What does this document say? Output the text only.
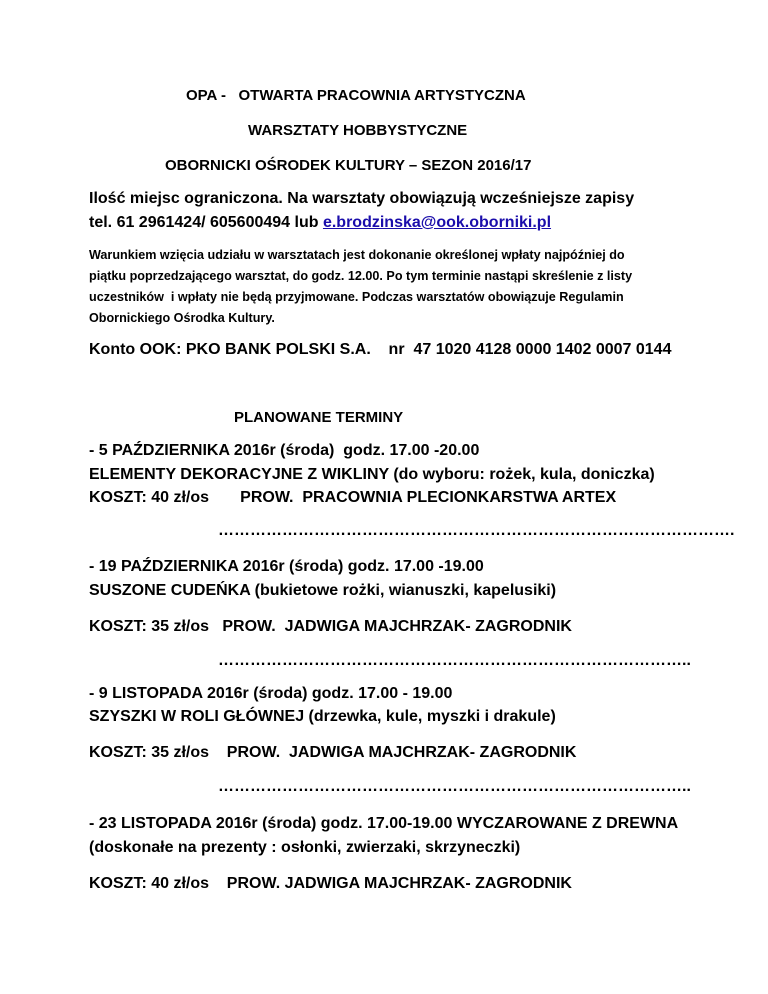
OPA -   OTWARTA PRACOWNIA ARTYSTYCZNA
WARSZTATY HOBBYSTYCZNE
OBORNICKI OŚRODEK KULTURY – SEZON 2016/17
Ilość miejsc ograniczona. Na warsztaty obowiązują wcześniejsze zapisy
tel. 61 2961424/ 605600494 lub e.brodzinska@ook.oborniki.pl
Warunkiem wzięcia udziału w warsztatach jest dokonanie określonej wpłaty najpóźniej do
piątku poprzedzającego warsztat, do godz. 12.00. Po tym terminie nastąpi skreślenie z listy
uczestników  i wpłaty nie będą przyjmowane. Podczas warsztatów obowiązuje Regulamin
Obornickiego Ośrodka Kultury.
Konto OOK: PKO BANK POLSKI S.A.    nr  47 1020 4128 0000 1402 0007 0144
PLANOWANE TERMINY
- 5 PAŹDZIERNIKA 2016r (środa)  godz. 17.00 -20.00
ELEMENTY DEKORACYJNE Z WIKLINY (do wyboru: rożek, kula, doniczka)
KOSZT: 40 zł/os       PROW.  PRACOWNIA PLECIONKARSTWA ARTEX
…………………………………………………………………………………….
- 19 PAŹDZIERNIKA 2016r (środa) godz. 17.00 -19.00
SUSZONE CUDEŃKA (bukietowe rożki, wianuszki, kapelusiki)
KOSZT: 35 zł/os   PROW.  JADWIGA MAJCHRZAK- ZAGRODNIK
……………………………………………………………………………..
- 9 LISTOPADA 2016r (środa) godz. 17.00 - 19.00
SZYSZKI W ROLI GŁÓWNEJ (drzewka, kule, myszki i drakule)
KOSZT: 35 zł/os    PROW.  JADWIGA MAJCHRZAK- ZAGRODNIK
……………………………………………………………………………..
- 23 LISTOPADA 2016r (środa) godz. 17.00-19.00 WYCZAROWANE Z DREWNA
(doskonałe na prezenty : osłonki, zwierzaki, skrzyneczki)
KOSZT: 40 zł/os    PROW. JADWIGA MAJCHRZAK- ZAGRODNIK
